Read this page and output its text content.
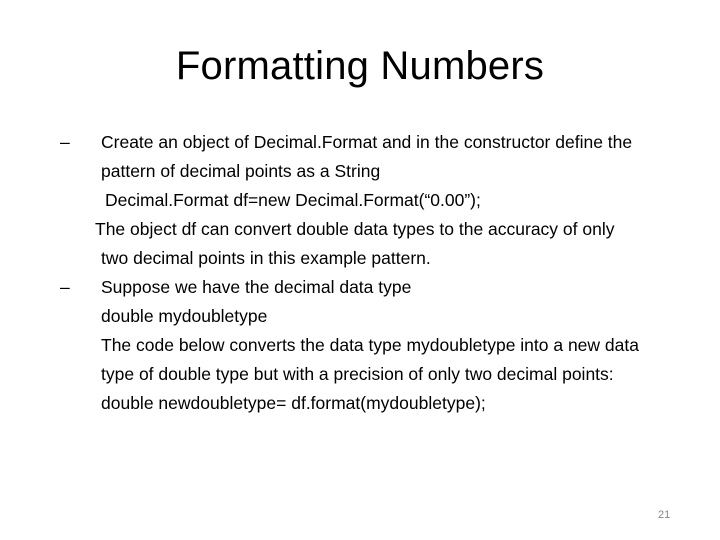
Formatting Numbers
– Create an object of Decimal.Format and in the constructor define the
pattern of decimal points as a String
Decimal.Format df=new Decimal.Format(“0.00”);
The object df can convert double data types to the accuracy of only
two decimal points in this example pattern.
– Suppose we have the decimal data type
double mydoubletype
The code below converts the data type mydoubletype into a new data
type of double type but with a precision of only two decimal points:
double newdoubletype= df.format(mydoubletype);
21
